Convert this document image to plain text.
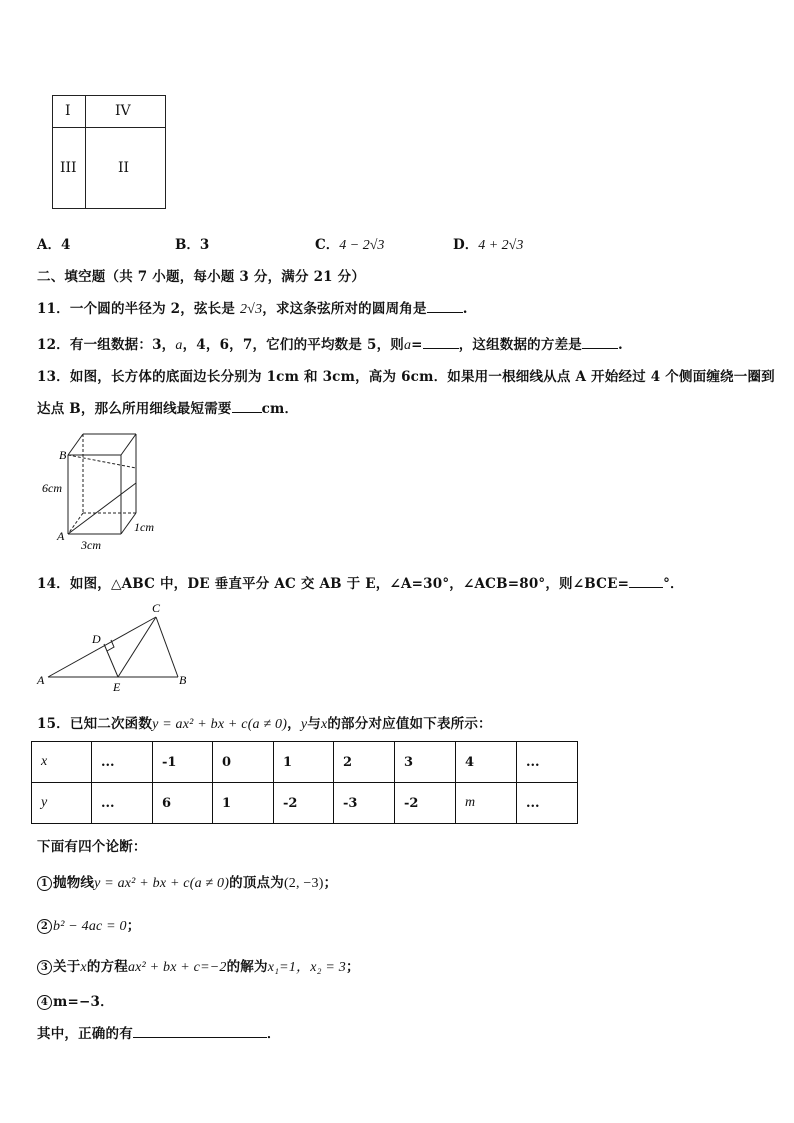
I	IV
III	II
A．4	B．3	C．4 − 2√3	D．4 + 2√3
二、填空题（共 7 小题，每小题 3 分，满分 21 分）
11．一个圆的半径为 2，弦长是 2√3，求这条弦所对的圆周角是	.
12．有一组数据：3，a，4，6，7，它们的平均数是 5，则a=	，这组数据的方差是	.
13．如图，长方体的底面边长分别为 1cm 和 3cm，高为 6cm．如果用一根细线从点 A 开始经过 4 个侧面缠绕一圈到
达点 B，那么所用细线最短需要 cm．
B
A
6cm
3cm
1cm
14．如图，△ABC 中，DE 垂直平分 AC 交 AB 于 E，∠A=30°，∠ACB=80°，则∠BCE=	°．
A	B
C
D
E
15．已知二次函数y = ax² + bx + c(a ≠ 0)，y与x的部分对应值如下表所示：
x	...	-1	0	1	2	3	4	...
y	...	6	1	-2	-3	-2	m	...
下面有四个论断：
1 抛物线y = ax² + bx + c(a ≠ 0)的顶点为(2, −3)；
2 b² − 4ac = 0；
3 关于x的方程ax² + bx + c=−2的解为x₁=1，x₂ = 3；
4 m=−3．
其中，正确的有	．
